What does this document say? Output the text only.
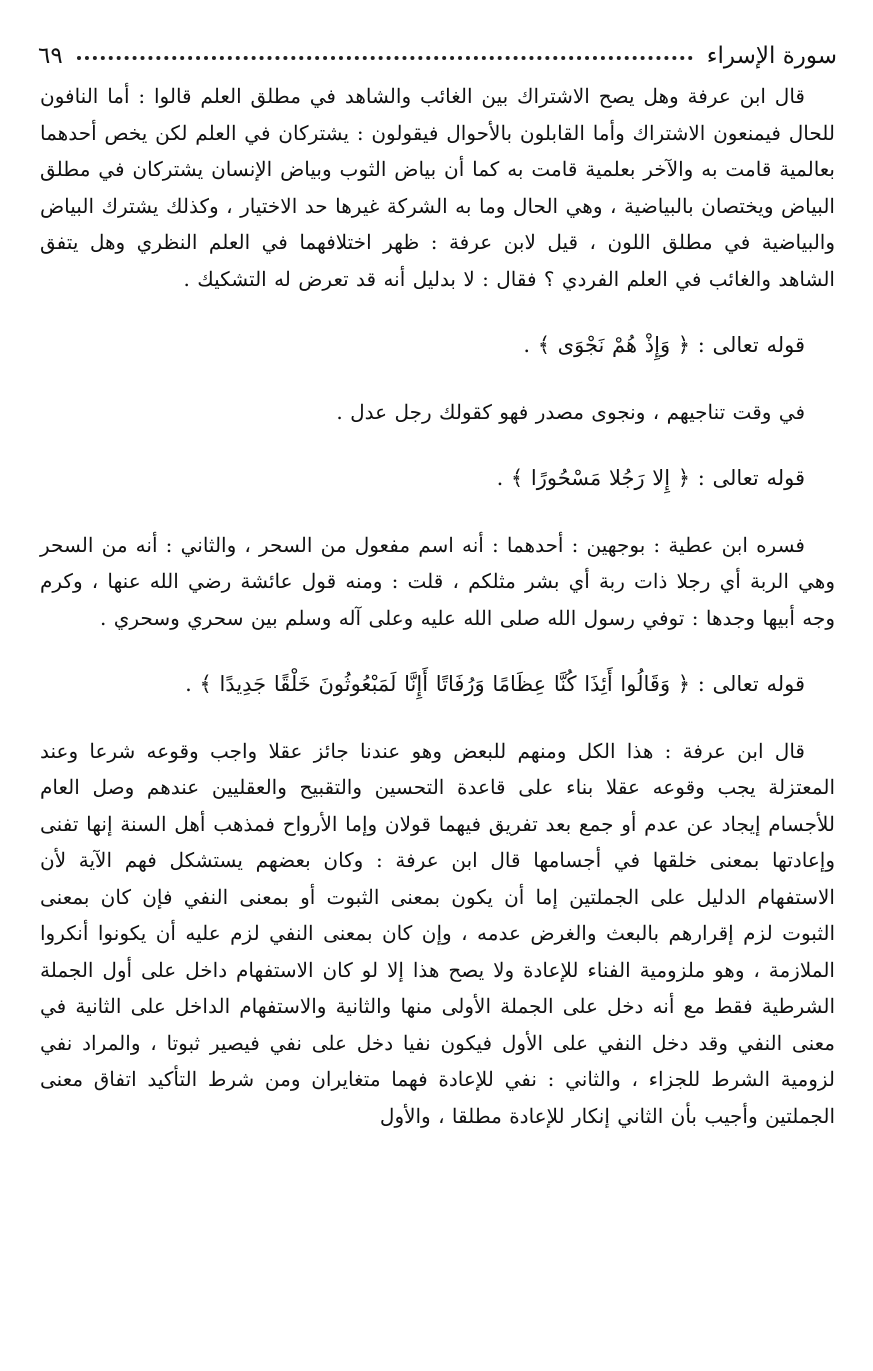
سورة الإسراء
٦٩

قال ابن عرفة وهل يصح الاشتراك بين الغائب والشاهد في مطلق العلم قالوا : أما النافون للحال فيمنعون الاشتراك وأما القابلون بالأحوال فيقولون : يشتركان في العلم لكن يخص أحدهما بعالمية قامت به والآخر بعلمية قامت به كما أن بياض الثوب وبياض الإنسان يشتركان في مطلق البياض ويختصان بالبياضية ، وهي الحال وما به الشركة غيرها حد الاختيار ، وكذلك يشترك البياض والبياضية في مطلق اللون ، قيل لابن عرفة : ظهر اختلافهما في العلم النظري وهل يتفق الشاهد والغائب في العلم الفردي ؟ فقال : لا بدليل أنه قد تعرض له التشكيك .

قوله تعالى : ﴿ وَإِذْ هُمْ نَجْوَى ﴾ .

في وقت تناجيهم ، ونجوى مصدر فهو كقولك رجل عدل .

قوله تعالى : ﴿ إِلا رَجُلا مَسْحُورًا ﴾ .

فسره ابن عطية : بوجهين : أحدهما : أنه اسم مفعول من السحر ، والثاني : أنه من السحر وهي الربة أي رجلا ذات ربة أي بشر مثلكم ، قلت : ومنه قول عائشة رضي الله عنها ، وكرم وجه أبيها وجدها : توفي رسول الله صلى الله عليه وعلى آله وسلم بين سحري وسحري .

قوله تعالى : ﴿ وَقَالُوا أَئِذَا كُنَّا عِظَامًا وَرُفَاتًا أَإِنَّا لَمَبْعُوثُونَ خَلْقًا جَدِيدًا ﴾ .

قال ابن عرفة : هذا الكل ومنهم للبعض وهو عندنا جائز عقلا واجب وقوعه شرعا وعند المعتزلة يجب وقوعه عقلا بناء على قاعدة التحسين والتقبيح والعقليين عندهم وصل العام للأجسام إيجاد عن عدم أو جمع بعد تفريق فيهما قولان وإما الأرواح فمذهب أهل السنة إنها تفنى وإعادتها بمعنى خلقها في أجسامها قال ابن عرفة : وكان بعضهم يستشكل فهم الآية لأن الاستفهام الدليل على الجملتين إما أن يكون بمعنى الثبوت أو بمعنى النفي فإن كان بمعنى الثبوت لزم إقرارهم بالبعث والغرض عدمه ، وإن كان بمعنى النفي لزم عليه أن يكونوا أنكروا الملازمة ، وهو ملزومية الفناء للإعادة ولا يصح هذا إلا لو كان الاستفهام داخل على أول الجملة الشرطية فقط مع أنه دخل على الجملة الأولى منها والثانية والاستفهام الداخل على الثانية في معنى النفي وقد دخل النفي على الأول فيكون نفيا دخل على نفي فيصير ثبوتا ، والمراد نفي لزومية الشرط للجزاء ، والثاني : نفي للإعادة فهما متغايران ومن شرط التأكيد اتفاق معنى الجملتين وأجيب بأن الثاني إنكار للإعادة مطلقا ، والأول
